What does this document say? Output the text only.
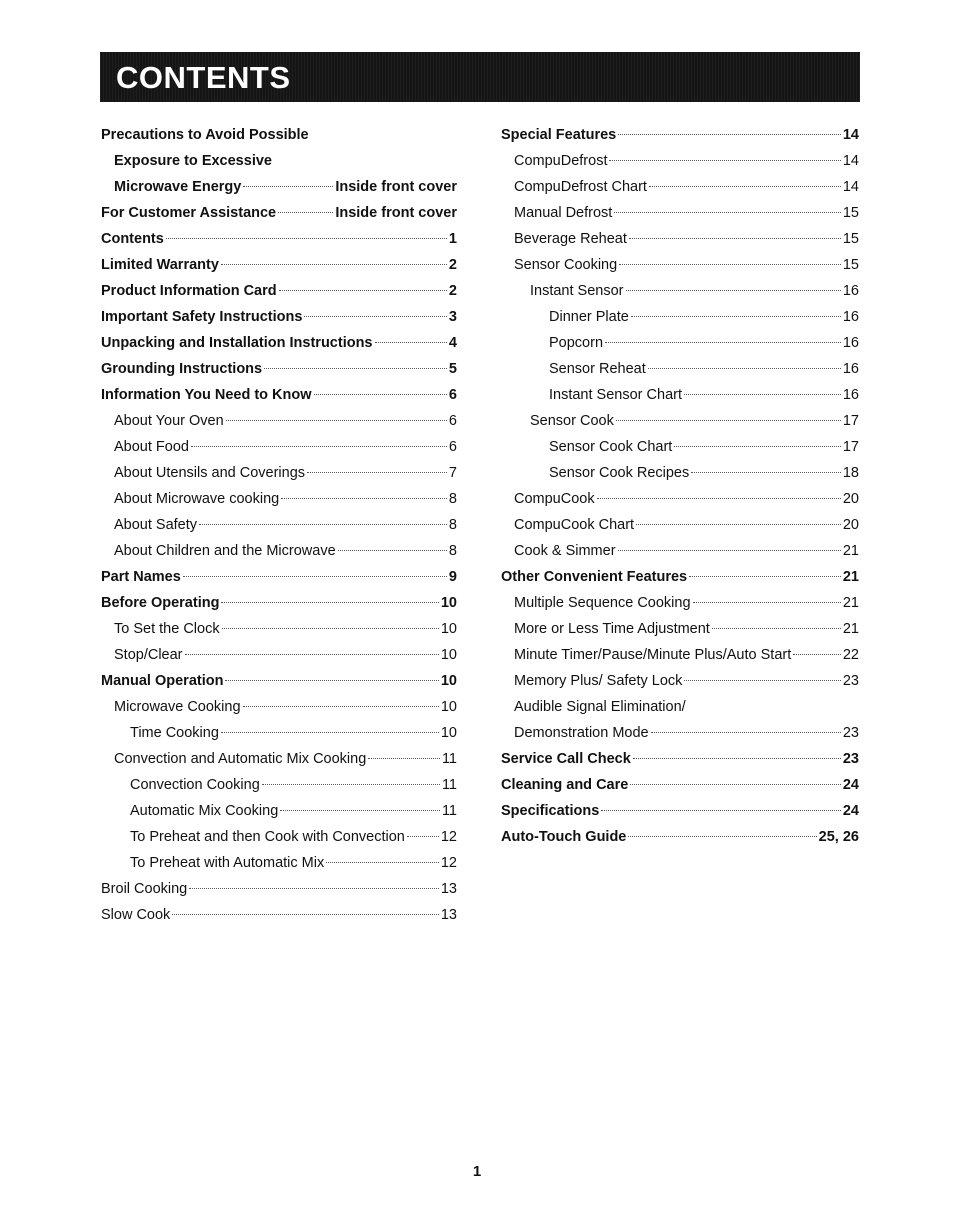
CONTENTS
Precautions to Avoid Possible
Exposure to Excessive
Microwave Energy	Inside front cover
For Customer Assistance	Inside front cover
Contents	1
Limited Warranty	2
Product Information Card	2
Important Safety Instructions	3
Unpacking and Installation Instructions	4
Grounding Instructions	5
Information You Need to Know	6
About Your Oven	6
About Food	6
About Utensils and Coverings	7
About Microwave cooking	8
About Safety	8
About Children and the Microwave	8
Part Names	9
Before Operating	10
To Set the Clock	10
Stop/Clear	10
Manual Operation	10
Microwave Cooking	10
Time Cooking	10
Convection and Automatic Mix Cooking	11
Convection Cooking	11
Automatic Mix Cooking	11
To Preheat and then Cook with Convection 12
To Preheat with Automatic Mix	12
Broil Cooking	13
Slow Cook	13
Special Features	14
CompuDefrost	14
CompuDefrost Chart	14
Manual Defrost	15
Beverage Reheat	15
Sensor Cooking	15
Instant Sensor	16
Dinner Plate	16
Popcorn	16
Sensor Reheat	16
Instant Sensor Chart	16
Sensor Cook	17
Sensor Cook Chart	17
Sensor Cook Recipes	18
CompuCook	20
CompuCook Chart	20
Cook & Simmer	21
Other Convenient Features	21
Multiple Sequence Cooking	21
More or Less Time Adjustment	21
Minute Timer/Pause/Minute Plus/Auto Start	22
Memory Plus/ Safety Lock	23
Audible Signal Elimination/
Demonstration Mode	23
Service Call Check	23
Cleaning and Care	24
Specifications	24
Auto-Touch Guide	25, 26
1
